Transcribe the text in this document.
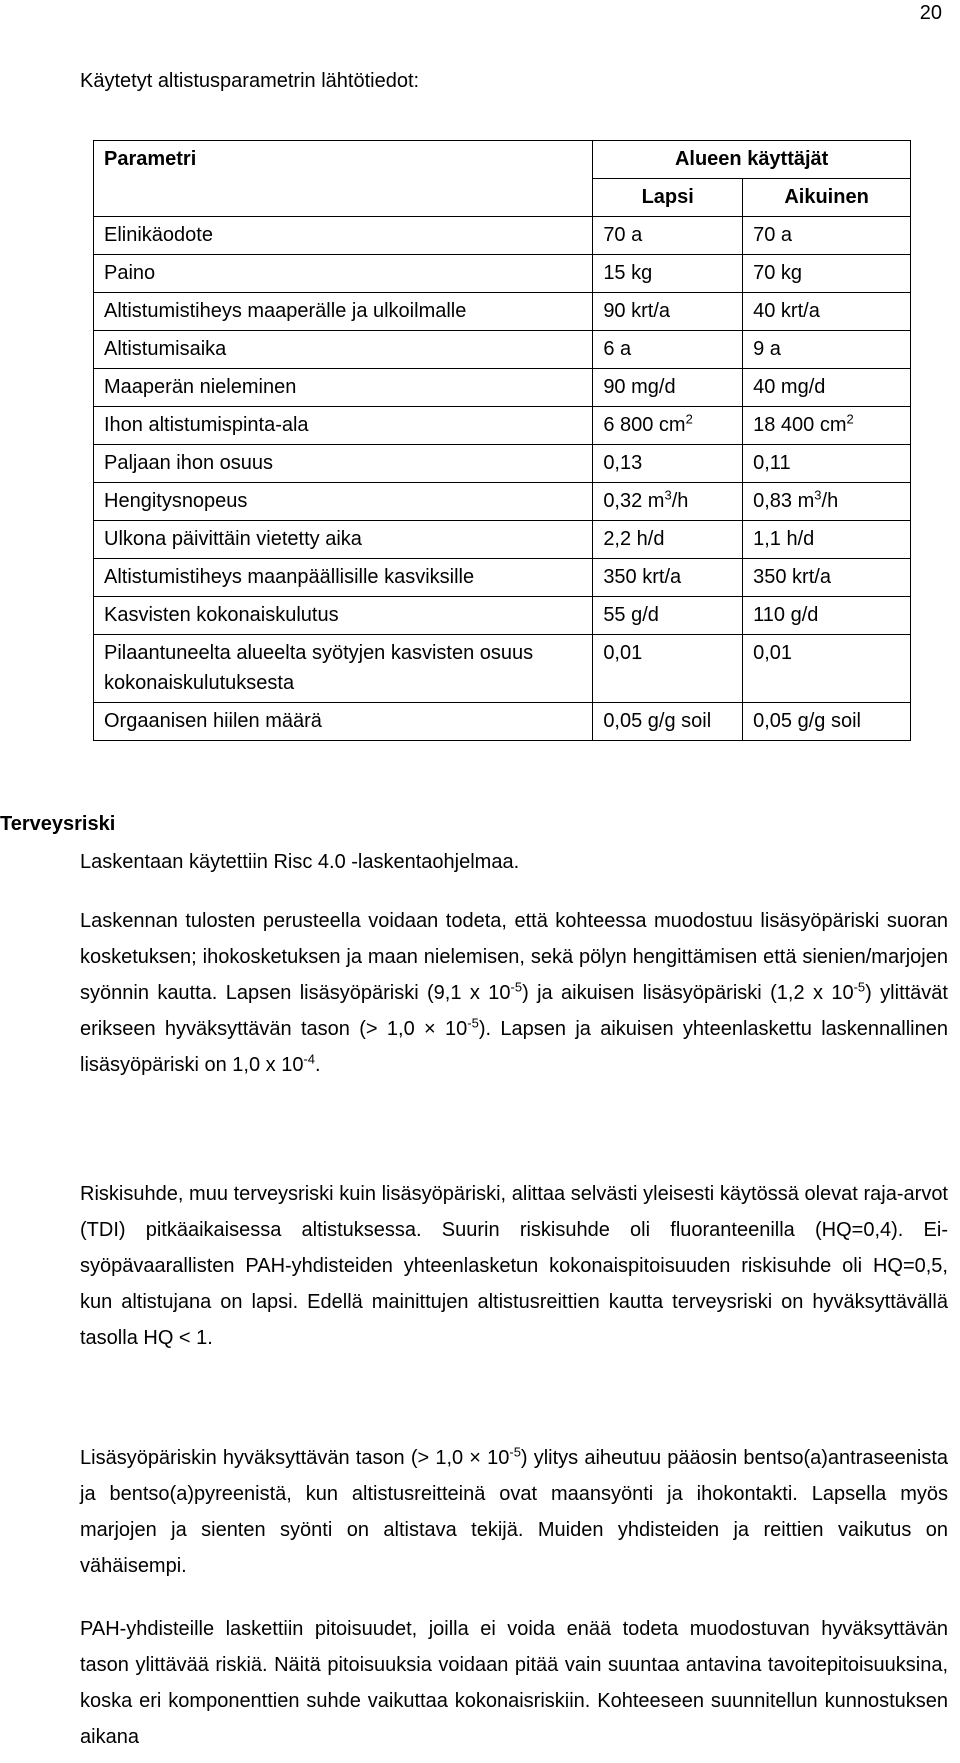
20
Käytetyt altistusparametrin lähtötiedot:
Parametri	Alueen käyttäjät	
	Lapsi	Aikuinen
Elinikäodote	70 a	70 a
Paino	15 kg	70 kg
Altistumistiheys maaperälle ja ulkoilmalle	90 krt/a	40 krt/a
Altistumisaika	6 a	9 a
Maaperän nieleminen	90 mg/d	40 mg/d
Ihon altistumispinta-ala	6 800 $cm^2$	18 400 $cm^2$
Paljaan ihon osuus	0,13	0,11
Hengitysnopeus	0,32 $m^3/h$	0,83 $m^3/h$
Ulkona päivittäin vietetty aika	2,2 h/d	1,1 h/d
Altistumistiheys maanpäällisille kasviksille	350 krt/a	350 krt/a
Kasvisten kokonaiskulutus	55 g/d	110 g/d
Pilaantuneelta alueelta syötyjen kasvisten osuus kokonaiskulutuksesta	0,01	0,01
Orgaanisen hiilen määrä	0,05 g/g soil	0,05 g/g soil
Terveysriski

Laskentaan käytettiin Risc 4.0 -laskentaohjelmaa.

Laskennan tulosten perusteella voidaan todeta, että kohteessa muodostuu lisäsyöpäriski suoran kosketuksen; ihokosketuksen ja maan nielemisen, sekä pölyn hengittämisen että sienien/marjojen syönnin kautta. Lapsen lisäsyöpäriski (9,1 x $10^{-5}$) ja aikuisen lisäsyöpäriski (1,2 x $10^{-5}$) ylittävät erikseen hyväksyttävän tason (> $1,0 \times 10^{-5}$). Lapsen ja aikuisen yhteenlaskettu laskennallinen lisäsyöpäriski on 1,0 x $10^{-4}$.

Riskisuhde, muu terveysriski kuin lisäsyöpäriski, alittaa selvästi yleisesti käytössä olevat raja-arvot (TDI) pitkäaikaisessa altistuksessa. Suurin riskisuhde oli fluoranteenilla (HQ=0,4). Ei-syöpävaarallisten PAH-yhdisteiden yhteenlasketun kokonaispitoisuuden riskisuhde oli HQ=0,5, kun altistujana on lapsi. Edellä mainittujen altistusreittien kautta terveysriski on hyväksyttävällä tasolla HQ < 1.

Lisäsyöpäriskin hyväksyttävän tason (> $1,0 \times 10^{-5}$) ylitys aiheutuu pääosin bentso(a)antraseenista ja bentso(a)pyreenistä, kun altistusreitteinä ovat maansyönti ja ihokontakti. Lapsella myös marjojen ja sienten syönti on altistava tekijä. Muiden yhdisteiden ja reittien vaikutus on vähäisempi.

PAH-yhdisteille laskettiin pitoisuudet, joilla ei voida enää todeta muodostuvan hyväksyttävän tason ylittävää riskiä. Näitä pitoisuuksia voidaan pitää vain suuntaa antavina tavoitepitoisuuksina, koska eri komponenttien suhde vaikuttaa kokonaisriskiin. Kohteeseen suunnitellun kunnostuksen aikana
